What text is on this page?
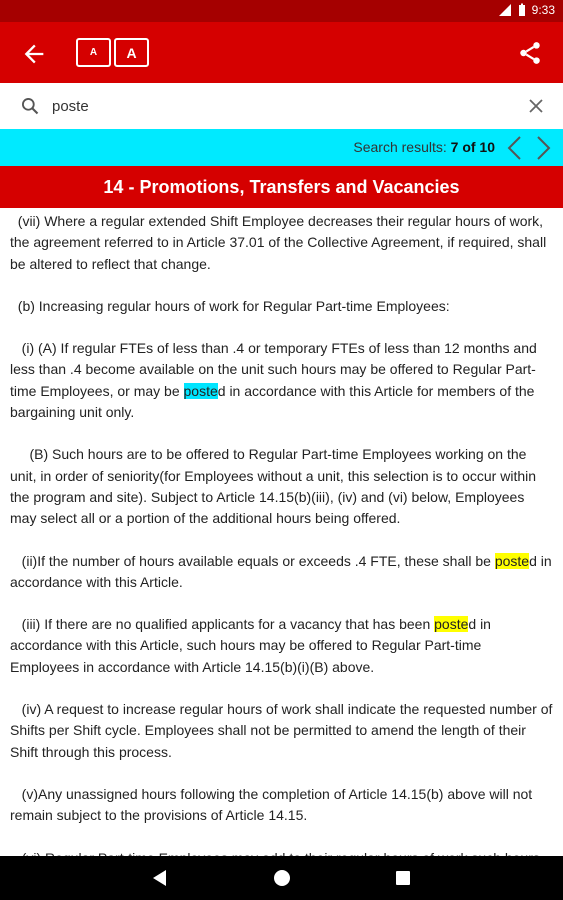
9:33
A A
poste
Search results: 7 of 10
14 - Promotions, Transfers and Vacancies

(vii) Where a regular extended Shift Employee decreases their regular hours of work, the agreement referred to in Article 37.01 of the Collective Agreement, if required, shall be altered to reflect that change.

(b) Increasing regular hours of work for Regular Part-time Employees:

(i) (A) If regular FTEs of less than .4 or temporary FTEs of less than 12 months and less than .4 become available on the unit such hours may be offered to Regular Part-time Employees, or may be posted in accordance with this Article for members of the bargaining unit only.

(B) Such hours are to be offered to Regular Part-time Employees working on the unit, in order of seniority(for Employees without a unit, this selection is to occur within the program and site). Subject to Article 14.15(b)(iii), (iv) and (vi) below, Employees may select all or a portion of the additional hours being offered.

(ii)If the number of hours available equals or exceeds .4 FTE, these shall be posted in accordance with this Article.

(iii) If there are no qualified applicants for a vacancy that has been posted in accordance with this Article, such hours may be offered to Regular Part-time Employees in accordance with Article 14.15(b)(i)(B) above.

(iv) A request to increase regular hours of work shall indicate the requested number of Shifts per Shift cycle. Employees shall not be permitted to amend the length of their Shift through this process.

(v)Any unassigned hours following the completion of Article 14.15(b) above will not remain subject to the provisions of Article 14.15.
